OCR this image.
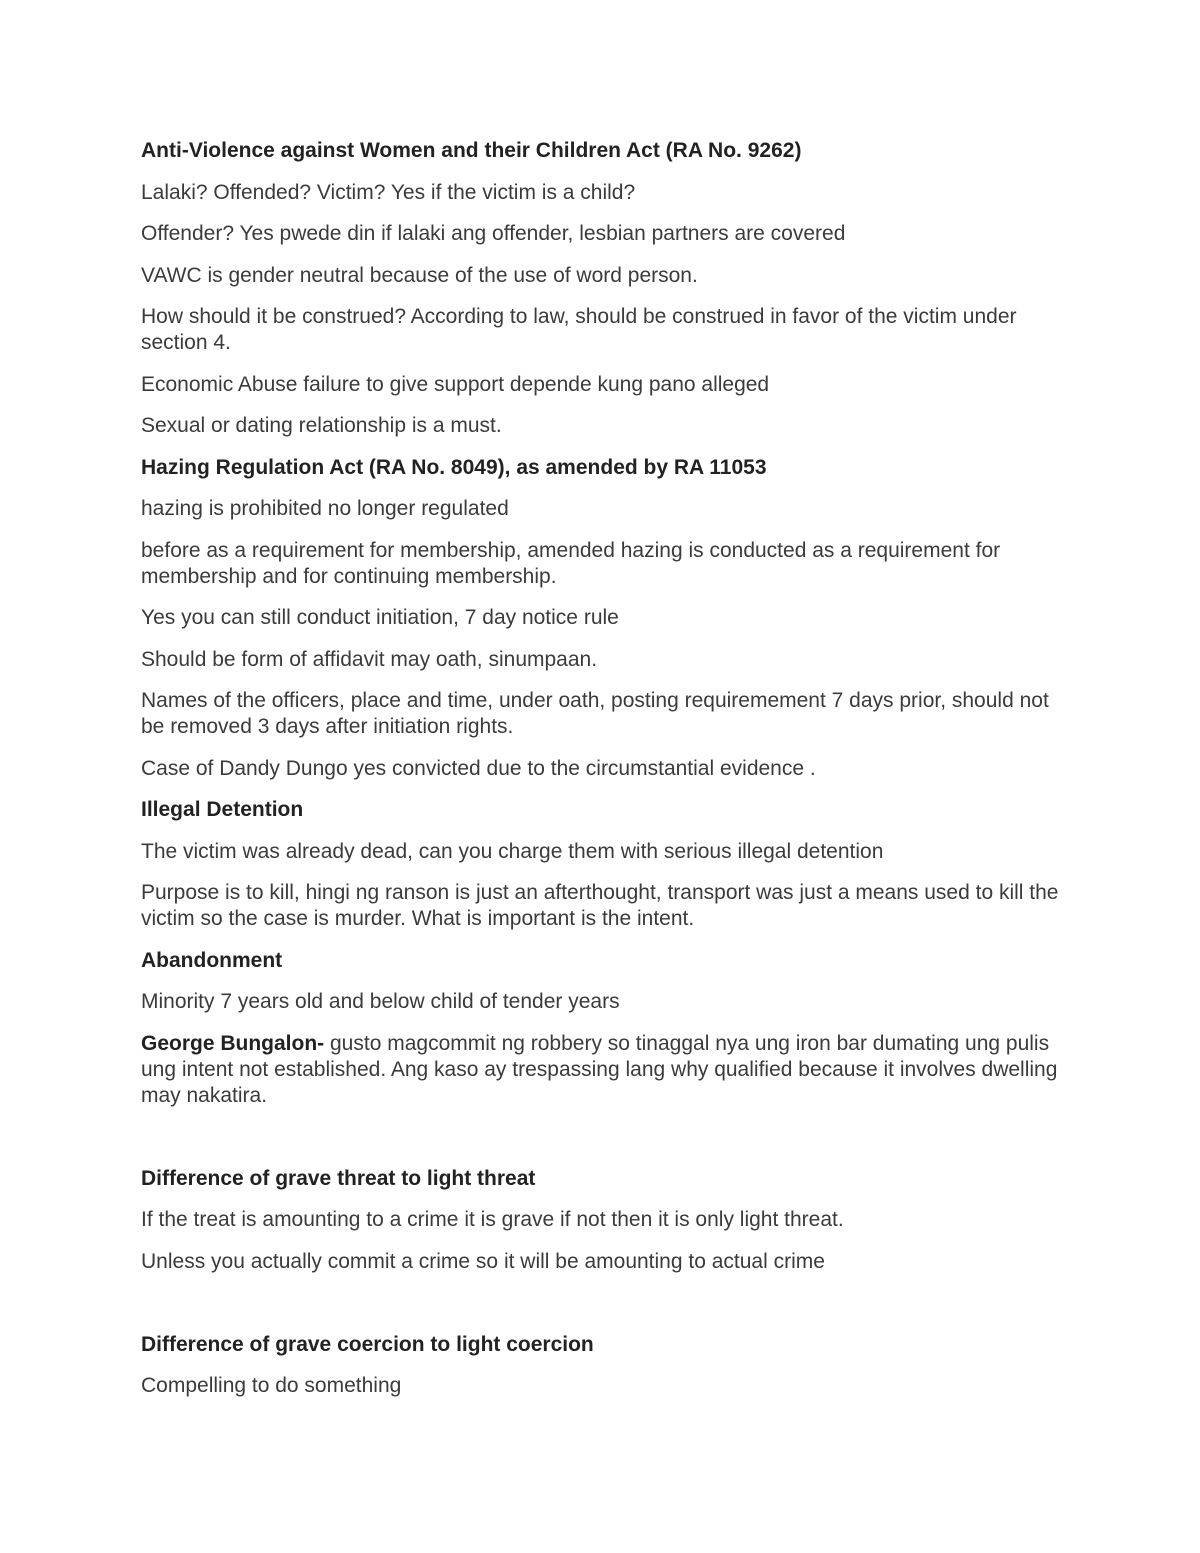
Anti-Violence against Women and their Children Act (RA No. 9262)
Lalaki? Offended? Victim? Yes if the victim is a child?
Offender? Yes pwede din if lalaki ang offender, lesbian partners are covered
VAWC is gender neutral because of the use of word person.
How should it be construed? According to law, should be construed in favor of the victim under section 4.
Economic Abuse failure to give support depende kung pano alleged
Sexual or dating relationship is a must.
Hazing Regulation Act (RA No. 8049), as amended by RA 11053
hazing is prohibited no longer regulated
before as a requirement for membership, amended hazing is conducted as a requirement for membership and for continuing membership.
Yes you can still conduct initiation, 7 day notice rule
Should be form of affidavit may oath, sinumpaan.
Names of the officers, place and time, under oath, posting requiremement 7 days prior, should not be removed 3 days after initiation rights.
Case of Dandy Dungo yes convicted due to the circumstantial evidence .
Illegal Detention
The victim was already dead, can you charge them with serious illegal detention
Purpose is to kill, hingi ng ranson is just an afterthought, transport was just a means used to kill the victim so the case is murder. What is important is the intent.
Abandonment
Minority 7 years old and below child of tender years
George Bungalon- gusto magcommit ng robbery so tinaggal nya ung iron bar dumating ung pulis ung intent not established. Ang kaso ay trespassing lang why qualified because it involves dwelling may nakatira.
Difference of grave threat to light threat
If the treat is amounting to a crime it is grave if not then it is only light threat.
Unless you actually commit a crime so it will be amounting to actual crime
Difference of grave coercion to light coercion
Compelling to do something
